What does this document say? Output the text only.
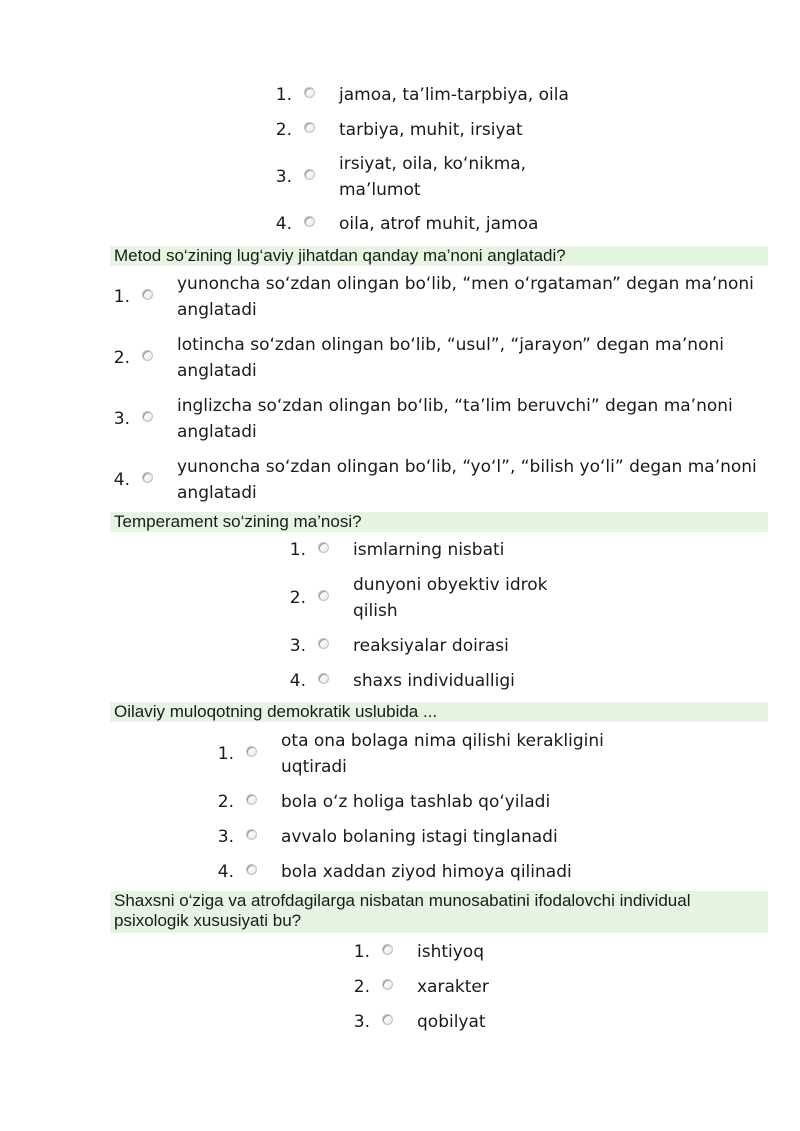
1.	jamoa, ta’lim-tarpbiya, oila
2.	tarbiya, muhit, irsiyat
3.
irsiyat, oila, ko‘nikma, ma’lumot
4.	oila, atrof muhit, jamoa
Metod so‘zining lug‘aviy jihatdan qanday ma’noni anglatadi?
1.
yunoncha so‘zdan olingan bo‘lib, “men o‘rgataman” degan ma’noni anglatadi
2.
lotincha so‘zdan olingan bo‘lib, “usul”, “jarayon” degan ma’noni anglatadi
3.
inglizcha so‘zdan olingan bo‘lib, “ta’lim beruvchi” degan ma’noni anglatadi
4.
yunoncha so‘zdan olingan bo‘lib, “yo‘l”, “bilish yo‘li” degan ma’noni anglatadi
Temperament so‘zining ma’nosi?
1.	ismlarning nisbati
2.
dunyoni obyektiv idrok qilish
3.	reaksiyalar doirasi
4.	shaxs individualligi
Oilaviy muloqotning demokratik uslubida ...
1.
ota ona bolaga nima qilishi kerakligini uqtiradi
2.	bola o‘z holiga tashlab qo‘yiladi
3.	avvalo bolaning istagi tinglanadi
4.	bola xaddan ziyod himoya qilinadi
Shaxsni o‘ziga va atrofdagilarga nisbatan munosabatini ifodalovchi individual psixologik xususiyati bu?
1.	ishtiyoq
2.	xarakter
3.	qobilyat
